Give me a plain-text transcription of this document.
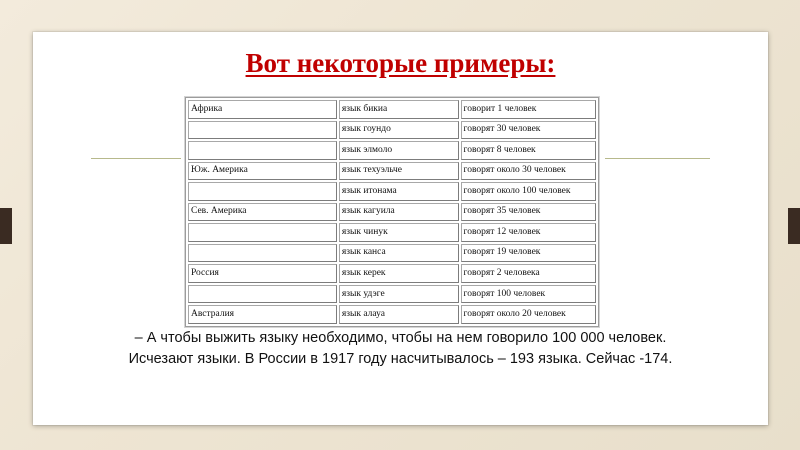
Вот некоторые примеры:
Африка	язык бикиа	говорит 1 человек
	язык гоундо	говорят 30 человек
	язык элмоло	говорят 8 человек
Юж. Америка	язык техуэльче	говорят около 30 человек
	язык итонама	говорят около 100 человек
Сев. Америка	язык кагуила	говорят 35 человек
	язык чинук	говорят 12 человек
	язык канса	говорят 19 человек
Россия	язык керек	говорят 2 человека
	язык удэге	говорят 100 человек
Австралия	язык алауа	говорят около 20 человек

– А чтобы выжить языку необходимо, чтобы на нем говорило 100 000 человек.

Исчезают языки. В России в 1917 году насчитывалось – 193 языка. Сейчас -174.
